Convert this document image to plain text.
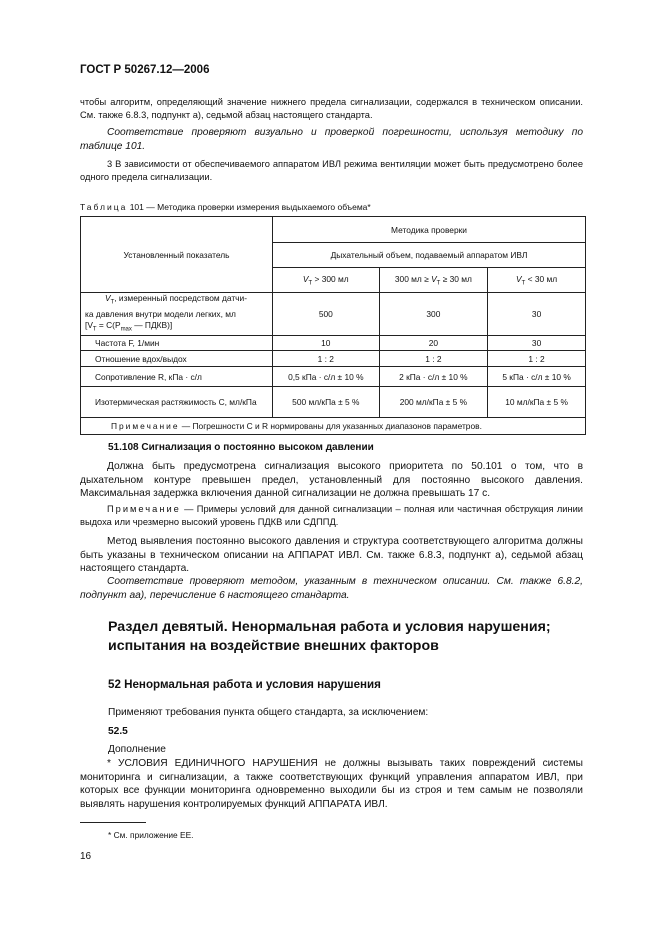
ГОСТ Р 50267.12—2006
чтобы алгоритм, определяющий значение нижнего предела сигнализации, содержался в техническом описании.
См. также 6.8.3, подпункт а), седьмой абзац настоящего стандарта.
Соответствие проверяют визуально и проверкой погрешности, используя методику по таблице 101.
3 В зависимости от обеспечиваемого аппаратом ИВЛ режима вентиляции может быть предусмотрено более одного предела сигнализации.
Таблица 101 — Методика проверки измерения выдыхаемого объема*
Установленный показатель	Методика проверки		
	Дыхательный объем, подаваемый аппаратом ИВЛ		
	$V_T > 300$ мл	300 мл ≥ $V_T \ge 30$ мл	$V_T < 30$ мл

$V_T$, измеренный посредством датчи-
ка давления внутри модели легких, мл
[$V_T = C(P_{max}$ — ПДКВ)]	500	300	30
Частота F, 1/мин	10	20	30
Отношение вдох/выдох	1 : 2	1 : 2	1 : 2
Сопротивление R, кПа · с/л	0,5 кПа · с/л ± 10 %	2 кПа · с/л ± 10 %	5 кПа · с/л ± 10 %
Изотермическая растяжимость C, мл/кПа	500 мл/кПа ± 5 %	200 мл/кПа ± 5 %	10 мл/кПа ± 5 %
Примечание — Погрешности C и R нормированы для указанных диапазонов параметров.			
51.108 Сигнализация о постоянно высоком давлении
Должна быть предусмотрена сигнализация высокого приоритета по 50.101 о том, что в дыхательном контуре превышен предел, установленный для постоянно высокого давления. Максимальная задержка включения данной сигнализации не должна превышать 17 с.
Примечание — Примеры условий для данной сигнализации – полная или частичная обструкция линии выдоха или чрезмерно высокий уровень ПДКВ или СДППД.
Метод выявления постоянно высокого давления и структура соответствующего алгоритма должны быть указаны в техническом описании на АППАРАТ ИВЛ. См. также 6.8.3, подпункт а), седьмой абзац настоящего стандарта.
Соответствие проверяют методом, указанным в техническом описании. См. также 6.8.2, подпункт аа), перечисление 6 настоящего стандарта.
Раздел девятый. Ненормальная работа и условия нарушения; испытания на воздействие внешних факторов
52 Ненормальная работа и условия нарушения
Применяют требования пункта общего стандарта, за исключением:
52.5
Дополнение
* УСЛОВИЯ ЕДИНИЧНОГО НАРУШЕНИЯ не должны вызывать таких повреждений системы мониторинга и сигнализации, а также соответствующих функций управления аппаратом ИВЛ, при которых все функции мониторинга одновременно выходили бы из строя и тем самым не позволяли выявлять нарушения контролируемых функций АППАРАТА ИВЛ.
* См. приложение ЕЕ.
16
